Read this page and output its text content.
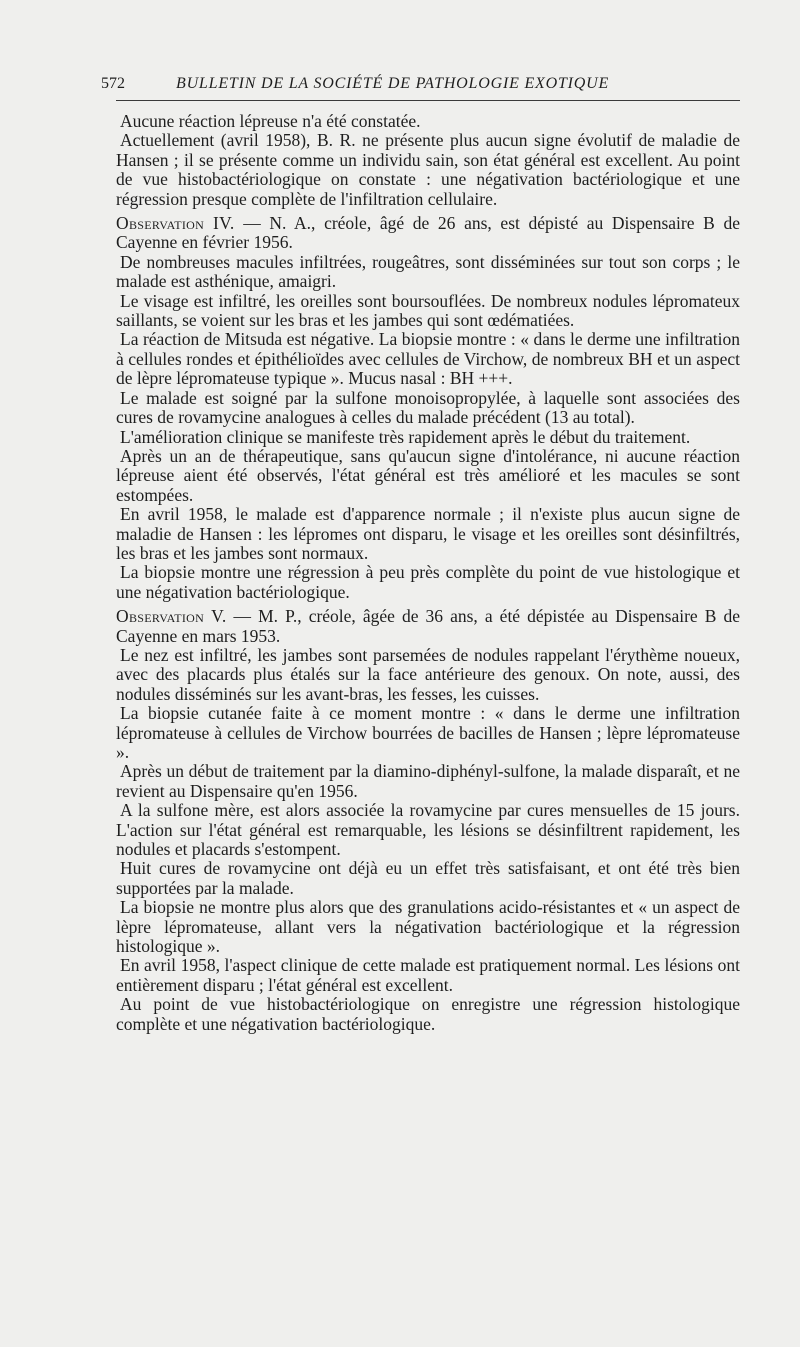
572	BULLETIN DE LA SOCIÉTÉ DE PATHOLOGIE EXOTIQUE

Aucune réaction lépreuse n'a été constatée.

Actuellement (avril 1958), B. R. ne présente plus aucun signe évolutif de maladie de Hansen ; il se présente comme un individu sain, son état général est excellent. Au point de vue histobactériologique on constate : une négativation bactériologique et une régression presque complète de l'infiltration cellulaire.

Observation IV. — N. A., créole, âgé de 26 ans, est dépisté au Dispensaire B de Cayenne en février 1956.

De nombreuses macules infiltrées, rougeâtres, sont disséminées sur tout son corps ; le malade est asthénique, amaigri.

Le visage est infiltré, les oreilles sont boursouflées. De nombreux nodules lépromateux saillants, se voient sur les bras et les jambes qui sont œdématiées.

La réaction de Mitsuda est négative. La biopsie montre : « dans le derme une infiltration à cellules rondes et épithélioïdes avec cellules de Virchow, de nombreux BH et un aspect de lèpre lépromateuse typique ». Mucus nasal : BH +++.

Le malade est soigné par la sulfone monoisopropylée, à laquelle sont associées des cures de rovamycine analogues à celles du malade précédent (13 au total).

L'amélioration clinique se manifeste très rapidement après le début du traitement.

Après un an de thérapeutique, sans qu'aucun signe d'intolérance, ni aucune réaction lépreuse aient été observés, l'état général est très amélioré et les macules se sont estompées.

En avril 1958, le malade est d'apparence normale ; il n'existe plus aucun signe de maladie de Hansen : les lépromes ont disparu, le visage et les oreilles sont désinfiltrés, les bras et les jambes sont normaux.

La biopsie montre une régression à peu près complète du point de vue histologique et une négativation bactériologique.

Observation V. — M. P., créole, âgée de 36 ans, a été dépistée au Dispensaire B de Cayenne en mars 1953.

Le nez est infiltré, les jambes sont parsemées de nodules rappelant l'érythème noueux, avec des placards plus étalés sur la face antérieure des genoux. On note, aussi, des nodules disséminés sur les avant-bras, les fesses, les cuisses.

La biopsie cutanée faite à ce moment montre : « dans le derme une infiltration lépromateuse à cellules de Virchow bourrées de bacilles de Hansen ; lèpre lépromateuse ».

Après un début de traitement par la diamino-diphényl-sulfone, la malade disparaît, et ne revient au Dispensaire qu'en 1956.

A la sulfone mère, est alors associée la rovamycine par cures mensuelles de 15 jours. L'action sur l'état général est remarquable, les lésions se désinfiltrent rapidement, les nodules et placards s'estompent.

Huit cures de rovamycine ont déjà eu un effet très satisfaisant, et ont été très bien supportées par la malade.

La biopsie ne montre plus alors que des granulations acido-résistantes et « un aspect de lèpre lépromateuse, allant vers la négativation bactériologique et la régression histologique ».

En avril 1958, l'aspect clinique de cette malade est pratiquement normal. Les lésions ont entièrement disparu ; l'état général est excellent.

Au point de vue histobactériologique on enregistre une régression histologique complète et une négativation bactériologique.
